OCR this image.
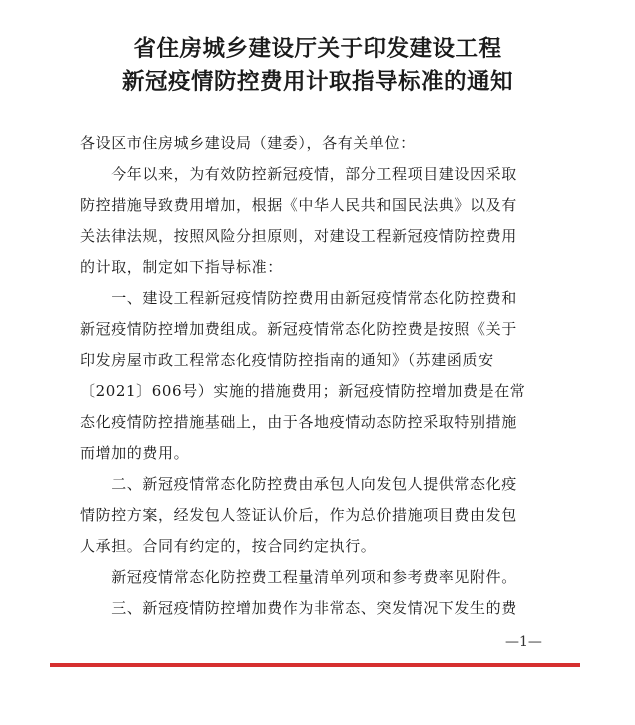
省住房城乡建设厅关于印发建设工程
新冠疫情防控费用计取指导标准的通知
各设区市住房城乡建设局（建委），各有关单位：
　　今年以来，为有效防控新冠疫情，部分工程项目建设因采取
防控措施导致费用增加，根据《中华人民共和国民法典》以及有
关法律法规，按照风险分担原则，对建设工程新冠疫情防控费用
的计取，制定如下指导标准：
　　一、建设工程新冠疫情防控费用由新冠疫情常态化防控费和
新冠疫情防控增加费组成。新冠疫情常态化防控费是按照《关于
印发房屋市政工程常态化疫情防控指南的通知》（苏建函质安
〔2021〕606号）实施的措施费用；新冠疫情防控增加费是在常
态化疫情防控措施基础上，由于各地疫情动态防控采取特别措施
而增加的费用。
　　二、新冠疫情常态化防控费由承包人向发包人提供常态化疫
情防控方案，经发包人签证认价后，作为总价措施项目费由发包
人承担。合同有约定的，按合同约定执行。
　　新冠疫情常态化防控费工程量清单列项和参考费率见附件。
　　三、新冠疫情防控增加费作为非常态、突发情况下发生的费
—1—
